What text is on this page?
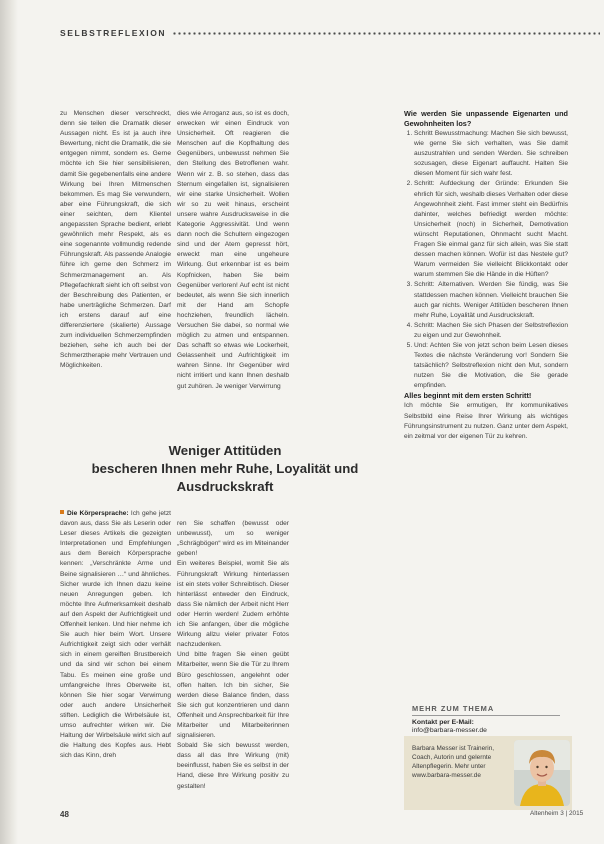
SELBSTREFLEXION

zu Menschen dieser verschreckt, denn sie teilen die Dramatik dieser Aussagen nicht. Es ist ja auch ihre Bewertung, nicht die Dramatik, die sie entgegen nimmt, sondern es. Gerne möchte ich Sie hier sensibilisieren, damit Sie gegebenenfalls eine andere Wirkung bei Ihren Mitmenschen bekommen. Es mag Sie verwundern, aber eine Führungskraft, die sich einer seichten, dem Klientel angepassten Sprache bedient, erlebt gewöhnlich mehr Respekt, als es eine sogenannte vollmundig redende Führungskraft. Als passende Analogie führe ich gerne den Schmerz im Schmerzmanagement an. Als Pflegefachkraft sieht ich oft selbst von der Beschreibung des Patienten, er habe unerträgliche Schmerzen. Darf ich erstens darauf auf eine differenziertere (skalierte) Aussage zum individuellen Schmerzempfinden beziehen, sehe ich auch bei der Schmerztherapie mehr Vertrauen und Möglichkeiten.

dies wie Arroganz aus, so ist es doch, erwecken wir einen Eindruck von Unsicherheit. Oft reagieren die Menschen auf die Kopfhaltung des Gegenübers, unbewusst nehmen Sie den Stellung des Betroffenen wahr. Wenn wir z. B. so stehen, dass das Sternum eingefallen ist, signalisieren wir eine starke Unsicherheit. Wollen wir so zu weit hinaus, erscheint unsere wahre Ausdrucksweise in die Kategorie Aggressivität. Und wenn dann noch die Schultern eingezogen sind und der Atem gepresst hört, erweckt man eine ungeheure Wirkung. Gut erkennbar ist es beim Kopfnicken, haben Sie beim Gegenüber verloren! Auf echt ist nicht bedeutet, als wenn Sie sich innerlich mit der Hand am Schopfe hochziehen, freundlich lächeln. Versuchen Sie dabei, so normal wie möglich zu atmen und entspannen. Das schafft so etwas wie Lockerheit, Gelassenheit und Aufrichtigkeit im wahren Sinne. Ihr Gegenüber wird nicht irritiert und kann Ihnen deshalb gut zuhören. Je weniger Verwirrung

Weniger Attitüden

bescheren Ihnen mehr Ruhe, Loyalität und

Ausdruckskraft

Die Körpersprache: Ich gehe jetzt davon aus, dass Sie als Leserin oder Leser dieses Artikels die gezeigten Interpretationen und Empfehlungen aus dem Bereich Körpersprache kennen: „Verschränkte Arme und Beine signalisieren …“ und ähnliches. Sicher wurde ich Ihnen dazu keine neuen Anregungen geben. Ich möchte Ihre Aufmerksamkeit deshalb auf den Aspekt der Aufrichtigkeit und Offenheit lenken. Und hier nehme ich Sie auch hier beim Wort. Unsere Aufrichtigkeit zeigt sich oder verhält sich in einem gereiften Brustbereich und da sind wir schon bei einem Tabu. Es meinen eine große und umfangreiche Ihres Oberweite ist, können Sie hier sogar Verwirrung oder auch andere Unsicherheit stiften. Lediglich die Wirbelsäule ist, umso aufrechter wirken wir. Die Haltung der Wirbelsäule wirkt sich auf die Haltung des Kopfes aus. Hebt sich das Kinn, dreh

ren Sie schaffen (bewusst oder unbewusst), um so weniger „Schrägbögen“ wird es im Miteinander geben!
Ein weiteres Beispiel, womit Sie als Führungskraft Wirkung hinterlassen ist ein stets voller Schreibtisch. Dieser hinterlässt entweder den Eindruck, dass Sie nämlich der Arbeit nicht Herr oder Herrin werden! Zudem erhöhte ich Sie anfangen, über die mögliche Wirkung allzu vieler privater Fotos nachzudenken.
Und bitte fragen Sie einen geübt Mitarbeiter, wenn Sie die Tür zu Ihrem Büro geschlossen, angelehnt oder offen halten. Ich bin sicher, Sie werden diese Balance finden, dass Sie sich gut konzentrieren und dann Offenheit und Ansprechbarkeit für Ihre Mitarbeiter und Mitarbeiterinnen signalisieren.
Sobald Sie sich bewusst werden, dass all das Ihre Wirkung (mit) beeinflusst, haben Sie es selbst in der Hand, diese Ihre Wirkung positiv zu gestalten!

Wie werden Sie unpassende Eigenarten und Gewohnheiten los?

1. Schritt Bewusstmachung: Machen Sie sich bewusst, wie gerne Sie sich verhalten, was Sie damit auszustrahlen und senden Werden. Sie schreiben sozusagen, diese Eigenart auffaucht. Halten Sie diesen Moment für sich wahr fest.
2. Schritt: Aufdeckung der Gründe: Erkunden Sie ehrlich für sich, weshalb dieses Verhalten oder diese Angewohnheit zieht. Fast immer steht ein Bedürfnis dahinter, welches befriedigt werden möchte: Unsicherheit (noch) in Sicherheit, Demotivation wünscht Reputationen, Ohnmacht sucht Macht. Fragen Sie einmal ganz für sich allein, was Sie statt dessen machen können. Wofür ist das Nestele gut? Warum vermeiden Sie vielleicht Blickkontakt oder warum stemmen Sie die Hände in die Hüften?
3. Schritt: Alternativen. Werden Sie fündig, was Sie stattdessen machen können. Vielleicht brauchen Sie auch gar nichts. Weniger Attitüden bescheren Ihnen mehr Ruhe, Loyalität und Ausdruckskraft.
4. Schritt: Machen Sie sich Phasen der Selbstreflexion zu eigen und zur Gewohnheit.
5. Und: Achten Sie von jetzt schon beim Lesen dieses Textes die nächste Veränderung vor! Sondern Sie tatsächlich? Selbstreflexion nicht den Mut, sondern nutzen Sie die Motivation, die Sie gerade empfinden.

Alles beginnt mit dem ersten Schritt!

Ich möchte Sie ermutigen, Ihr kommunikatives Selbstbild eine Reise Ihrer Wirkung als wichtiges Führungsinstrument zu nutzen. Ganz unter dem Aspekt, ein zeitmal vor der eigenen Tür zu kehren.

MEHR ZUM THEMA

Kontakt per E-Mail:

info@barbara-messer.de

Barbara Messer ist Trainerin, Coach, Autorin und gelernte Altenpflegerin. Mehr unter www.barbara-messer.de
48	Altenheim 3 | 2015
